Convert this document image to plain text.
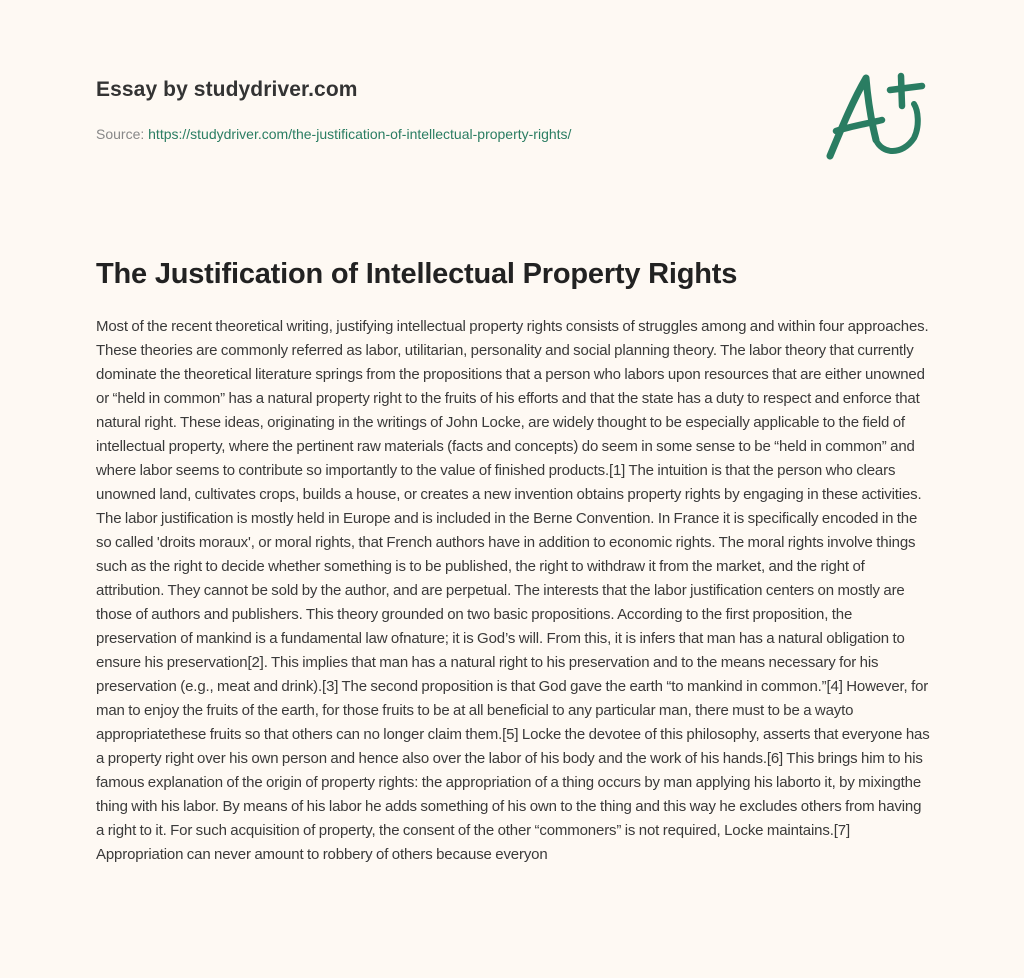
Essay by studydriver.com
Source: https://studydriver.com/the-justification-of-intellectual-property-rights/
The Justification of Intellectual Property Rights

Most of the recent theoretical writing, justifying intellectual property rights consists of struggles among and within four approaches. These theories are commonly referred as labor, utilitarian, personality and social planning theory. The labor theory that currently dominate the theoretical literature springs from the propositions that a person who labors upon resources that are either unowned or “held in common” has a natural property right to the fruits of his efforts and that the state has a duty to respect and enforce that natural right. These ideas, originating in the writings of John Locke, are widely thought to be especially applicable to the field of intellectual property, where the pertinent raw materials (facts and concepts) do seem in some sense to be “held in common” and where labor seems to contribute so importantly to the value of finished products.[1] The intuition is that the person who clears unowned land, cultivates crops, builds a house, or creates a new invention obtains property rights by engaging in these activities. The labor justification is mostly held in Europe and is included in the Berne Convention. In France it is specifically encoded in the so called 'droits moraux', or moral rights, that French authors have in addition to economic rights. The moral rights involve things such as the right to decide whether something is to be published, the right to withdraw it from the market, and the right of attribution. They cannot be sold by the author, and are perpetual. The interests that the labor justification centers on mostly are those of authors and publishers. This theory grounded on two basic propositions. According to the first proposition, the preservation of mankind is a fundamental law ofnature; it is God’s will. From this, it is infers that man has a natural obligation to ensure his preservation[2]. This implies that man has a natural right to his preservation and to the means necessary for his preservation (e.g., meat and drink).[3] The second proposition is that God gave the earth “to mankind in common.”[4] However, for man to enjoy the fruits of the earth, for those fruits to be at all beneficial to any particular man, there must to be a wayto appropriatethese fruits so that others can no longer claim them.[5] Locke the devotee of this philosophy, asserts that everyone has a property right over his own person and hence also over the labor of his body and the work of his hands.[6] This brings him to his famous explanation of the origin of property rights: the appropriation of a thing occurs by man applying his laborto it, by mixingthe thing with his labor. By means of his labor he adds something of his own to the thing and this way he excludes others from having a right to it. For such acquisition of property, the consent of the other “commoners” is not required, Locke maintains.[7] Appropriation can never amount to robbery of others because everyon
